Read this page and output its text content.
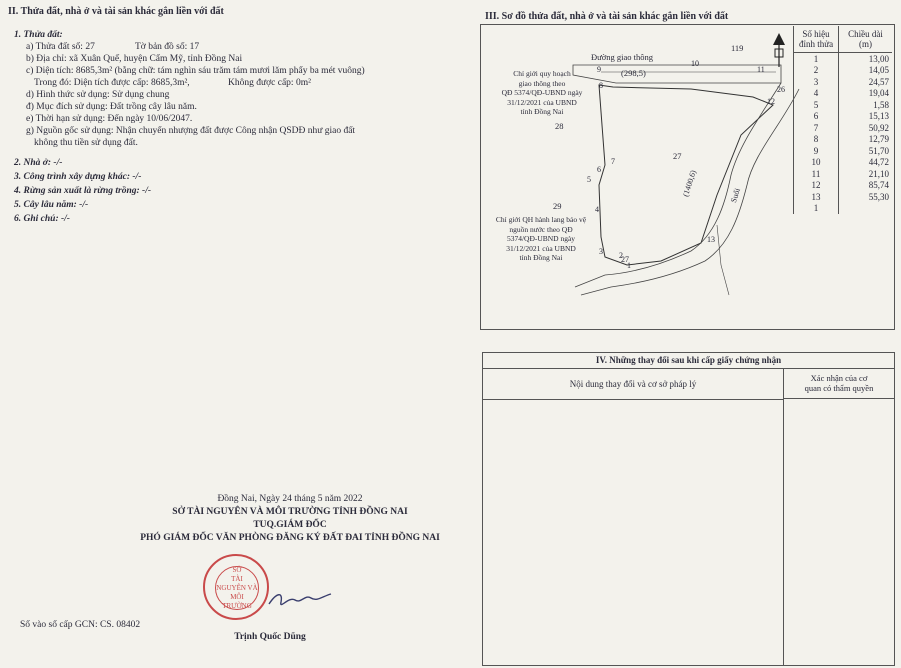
II. Thửa đất, nhà ở và tài sản khác gắn liền với đất
1. Thửa đất:
a) Thửa đất số: 27	Tờ bản đồ số: 17
b) Địa chỉ: xã Xuân Quế, huyện Cẩm Mỹ, tỉnh Đồng Nai
c) Diện tích: 8685,3m² (bằng chữ: tám nghìn sáu trăm tám mươi lăm phẩy ba mét vuông)
Trong đó: Diện tích được cấp: 8685,3m²,	Không được cấp: 0m²
d) Hình thức sử dụng: Sử dụng chung
đ) Mục đích sử dụng: Đất trồng cây lâu năm.
e) Thời hạn sử dụng: Đến ngày 10/06/2047.
g) Nguồn gốc sử dụng: Nhận chuyển nhượng đất được Công nhận QSDĐ như giao đất
không thu tiền sử dụng đất.
2. Nhà ở: -/-
3. Công trình xây dựng khác: -/-
4. Rừng sản xuất là rừng trồng: -/-
5. Cây lâu năm: -/-
6. Ghi chú: -/-
Đồng Nai, Ngày 24 tháng 5 năm 2022
SỞ TÀI NGUYÊN VÀ MÔI TRƯỜNG TỈNH ĐỒNG NAI
TUQ.GIÁM ĐỐC
PHÓ GIÁM ĐỐC VĂN PHÒNG ĐĂNG KÝ ĐẤT ĐAI TỈNH ĐỒNG NAI
SỞ
TÀI NGUYÊN VÀ
MÔI TRƯỜNG
Trịnh Quốc Dũng
Số vào sổ cấp GCN: CS. 08402
III. Sơ đồ thửa đất, nhà ở và tài sản khác gắn liền với đất
Đường giao thông
(298,5)
119
28
27
29
27
(1400,6)	Suối
Chỉ giới quy hoạch
giao thông theo
QĐ 5374/QĐ-UBND ngày
31/12/2021 của UBND
tỉnh Đồng Nai
Chỉ giới QH hành lang bảo vệ
nguồn nước theo QĐ
5374/QĐ-UBND ngày
31/12/2021 của UBND
tỉnh Đồng Nai
1
2
3
4
5
6
7
8
9
10
11
12
13
26
Số hiệu đỉnh thửa	Chiều dài (m)
1	13,00
2	14,05
3	24,57
4	19,04
5	1,58
6	15,13
7	50,92
8	12,79
9	51,70
10	44,72
11	21,10
12	85,74
13	55,30
1	
IV. Những thay đổi sau khi cấp giấy chứng nhận
Nội dung thay đổi và cơ sở pháp lý
Xác nhận của cơ
quan có thẩm quyền
